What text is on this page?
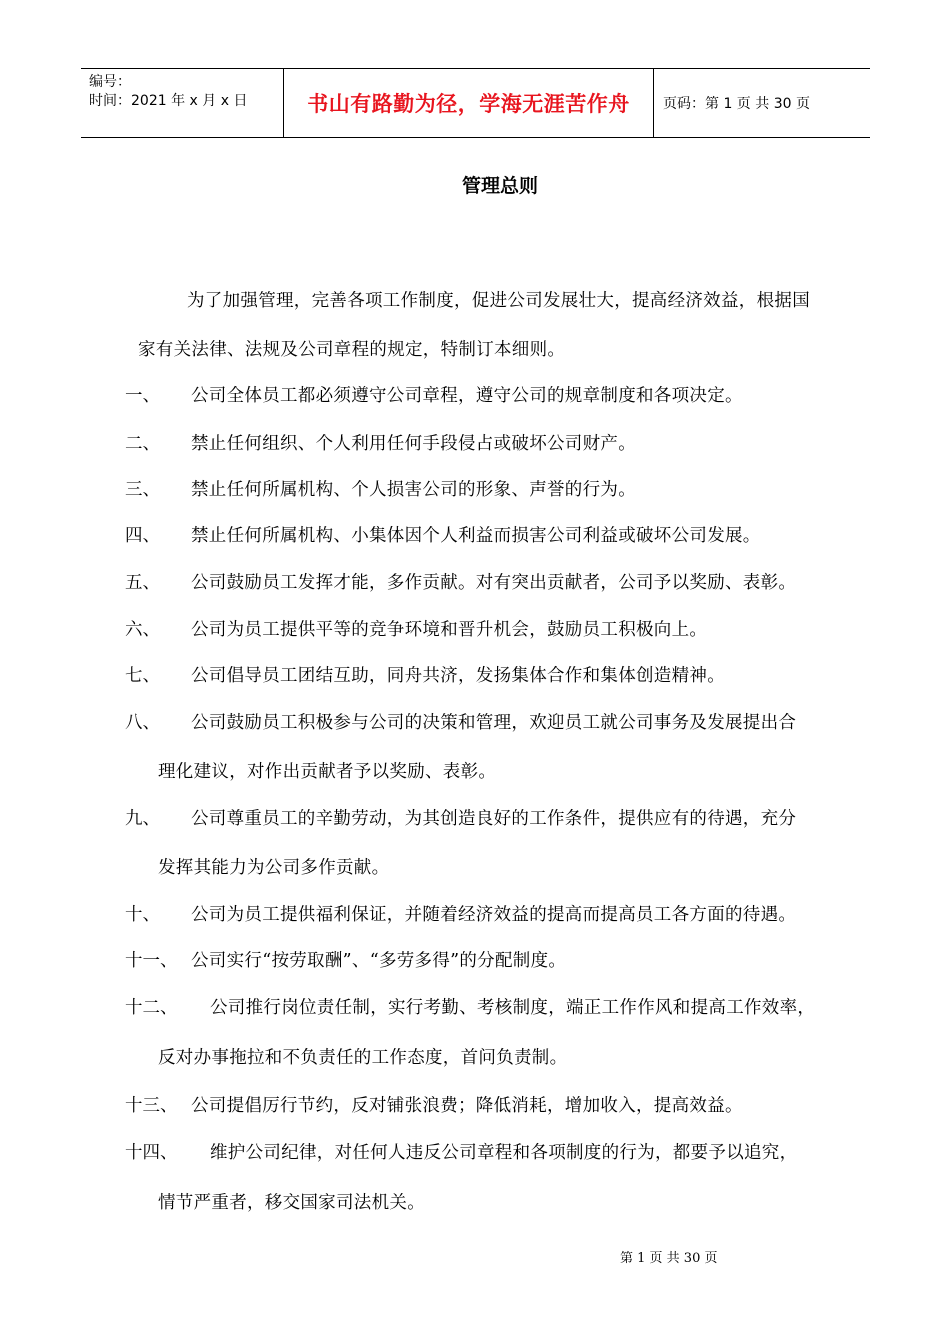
编号：
时间：2021 年 x 月 x 日	书山有路勤为径，学海无涯苦作舟	页码：第 1 页 共 30 页
管理总则
为了加强管理，完善各项工作制度，促进公司发展壮大，提高经济效益，根据国
家有关法律、法规及公司章程的规定，特制订本细则。
一、 公司全体员工都必须遵守公司章程，遵守公司的规章制度和各项决定。
二、 禁止任何组织、个人利用任何手段侵占或破坏公司财产。
三、 禁止任何所属机构、个人损害公司的形象、声誉的行为。
四、 禁止任何所属机构、小集体因个人利益而损害公司利益或破坏公司发展。
五、 公司鼓励员工发挥才能，多作贡献。对有突出贡献者，公司予以奖励、表彰。
六、 公司为员工提供平等的竞争环境和晋升机会，鼓励员工积极向上。
七、 公司倡导员工团结互助，同舟共济，发扬集体合作和集体创造精神。
八、 公司鼓励员工积极参与公司的决策和管理，欢迎员工就公司事务及发展提出合
理化建议，对作出贡献者予以奖励、表彰。
九、 公司尊重员工的辛勤劳动，为其创造良好的工作条件，提供应有的待遇，充分
发挥其能力为公司多作贡献。
十、 公司为员工提供福利保证，并随着经济效益的提高而提高员工各方面的待遇。
十一、 公司实行“按劳取酬”、“多劳多得”的分配制度。
十二、 公司推行岗位责任制，实行考勤、考核制度，端正工作作风和提高工作效率，
反对办事拖拉和不负责任的工作态度，首问负责制。
十三、 公司提倡厉行节约，反对铺张浪费；降低消耗，增加收入，提高效益。
十四、 维护公司纪律，对任何人违反公司章程和各项制度的行为，都要予以追究，
情节严重者，移交国家司法机关。
第 1 页 共 30 页
